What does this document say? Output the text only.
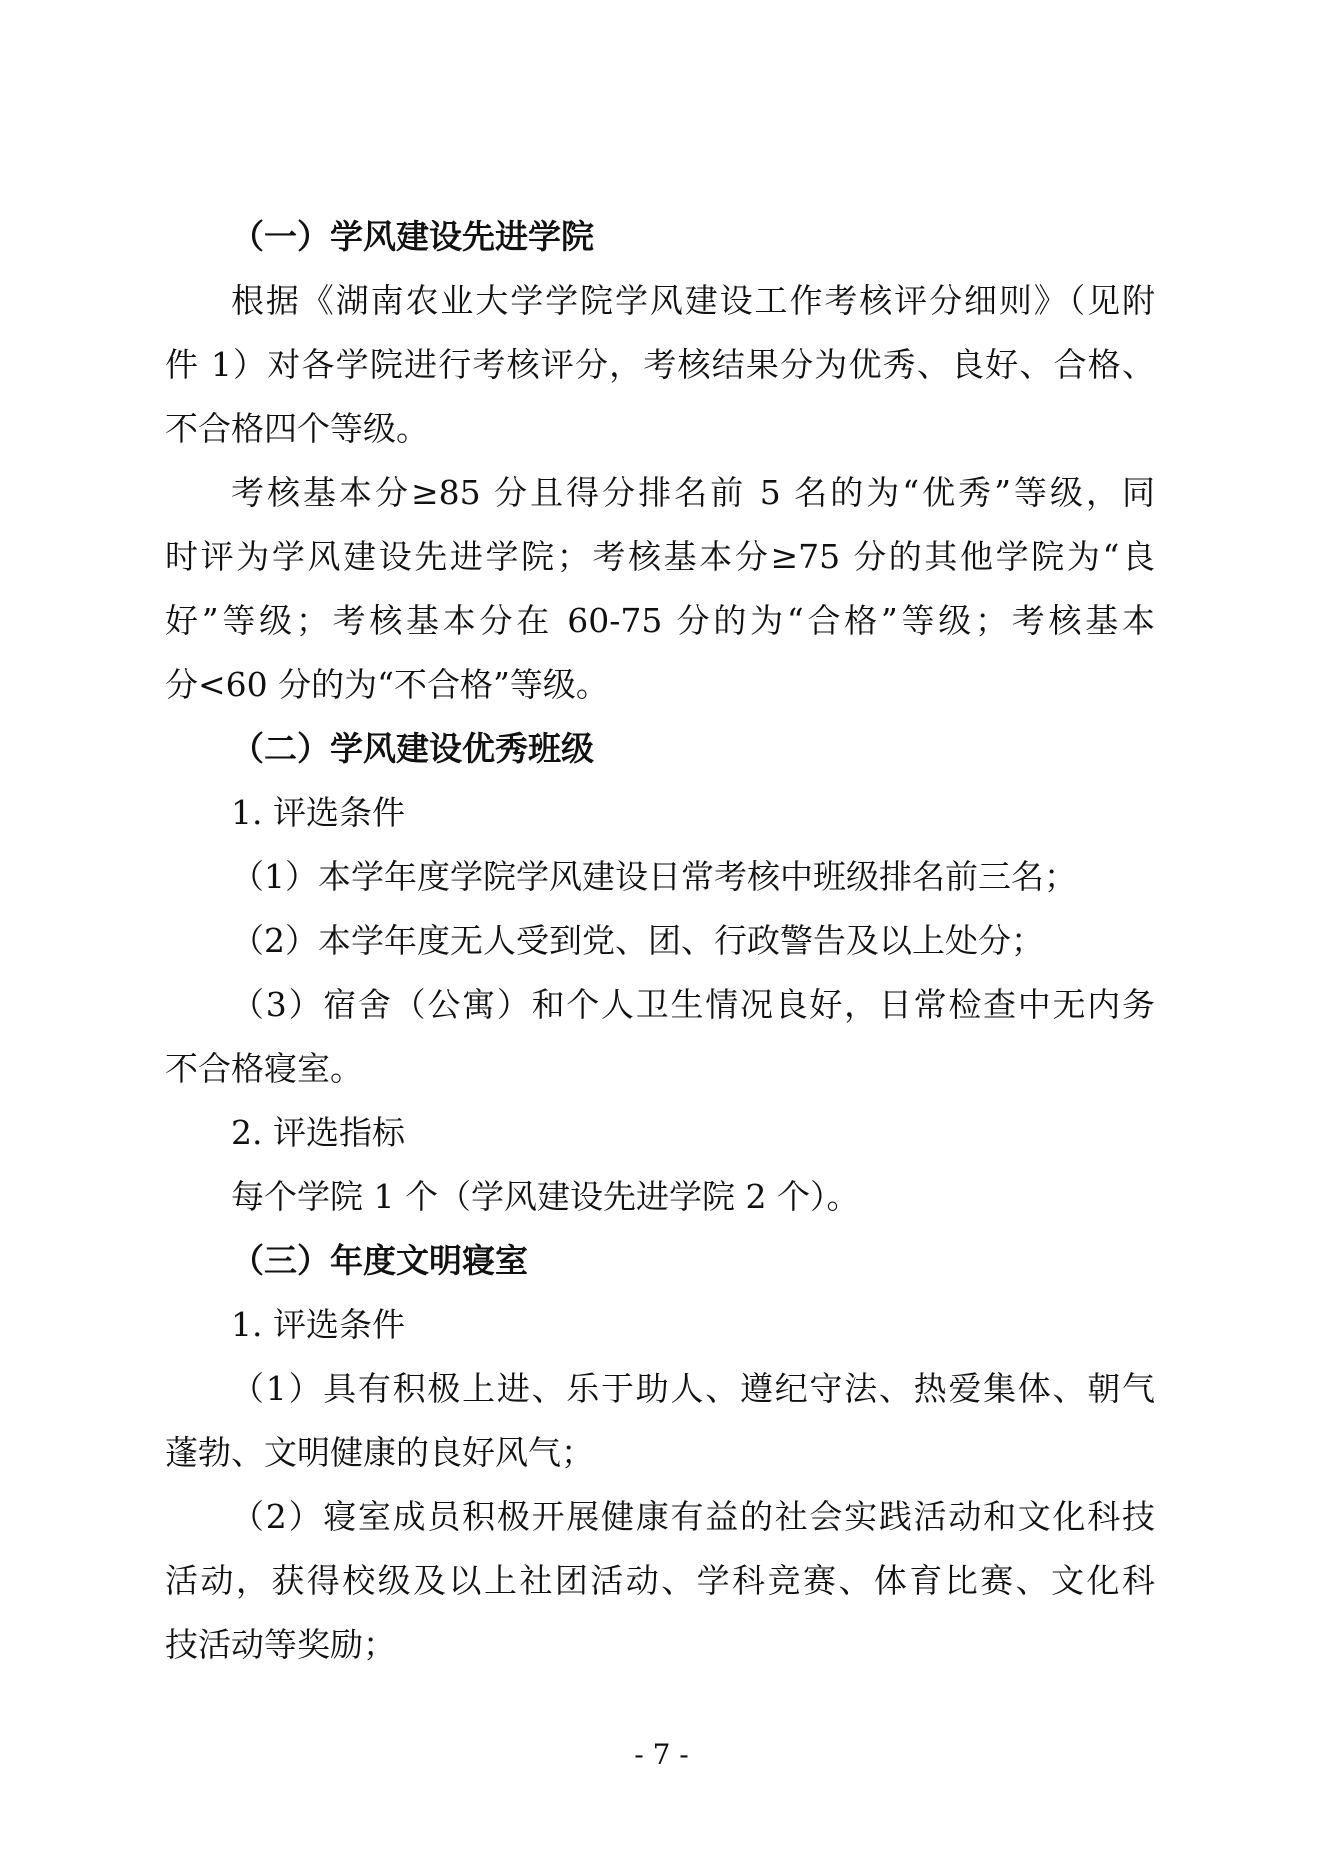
（一）学风建设先进学院
根据《湖南农业大学学院学风建设工作考核评分细则》（见附
件 1）对各学院进行考核评分，考核结果分为优秀、良好、合格、
不合格四个等级。
考核基本分≥85 分且得分排名前 5 名的为“优秀”等级，同
时评为学风建设先进学院；考核基本分≥75 分的其他学院为“良
好”等级；考核基本分在 60-75 分的为“合格”等级；考核基本
分<60 分的为“不合格”等级。
（二）学风建设优秀班级
1. 评选条件
（1）本学年度学院学风建设日常考核中班级排名前三名；
（2）本学年度无人受到党、团、行政警告及以上处分；
（3）宿舍（公寓）和个人卫生情况良好，日常检查中无内务
不合格寝室。
2. 评选指标
每个学院 1 个（学风建设先进学院 2 个）。
（三）年度文明寝室
1. 评选条件
（1）具有积极上进、乐于助人、遵纪守法、热爱集体、朝气
蓬勃、文明健康的良好风气；
（2）寝室成员积极开展健康有益的社会实践活动和文化科技
活动，获得校级及以上社团活动、学科竞赛、体育比赛、文化科
技活动等奖励；
- 7 -
